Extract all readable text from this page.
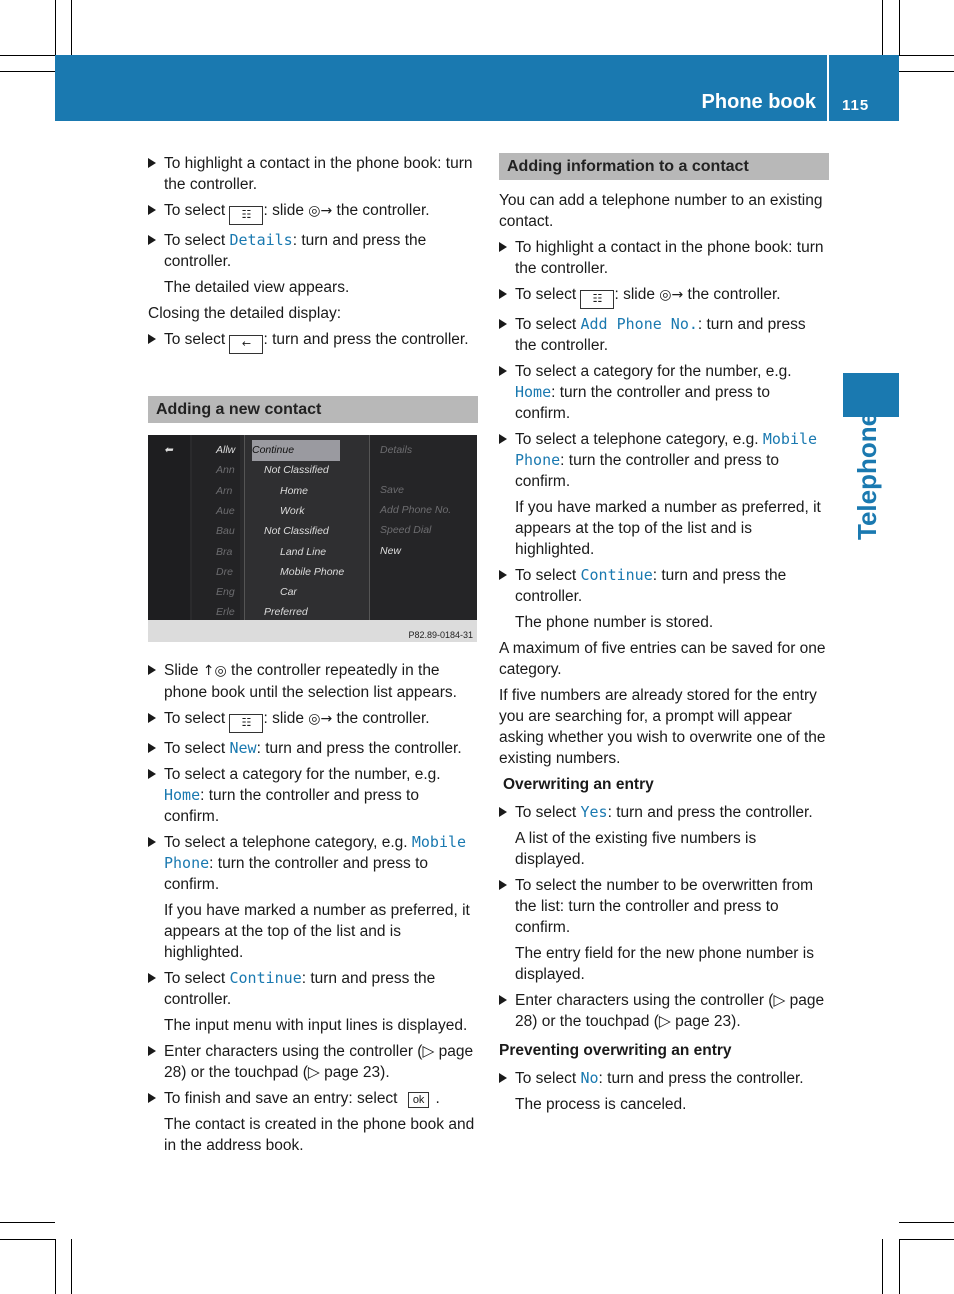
Phone book 115
Telephone
To highlight a contact in the phone book: turn the controller.
To select ☷ : slide ◎→ the controller.
To select Details: turn and press the controller.
The detailed view appears.
Closing the detailed display:
To select ← : turn and press the controller.
Adding a new contact
⬅	Allw
Ann
Arn
Aue
Bau
Bra
Dre
Eng
Erle
Continue
Not Classified
Home
Work
Not Classified
Land Line
Mobile Phone
Car
Preferred
Details
Save
Add Phone No.
Speed Dial
New
P82.89-0184-31
Slide ↑◎ the controller repeatedly in the phone book until the selection list appears.
To select ☷ : slide ◎→ the controller.
To select New: turn and press the controller.
To select a category for the number, e.g. Home: turn the controller and press to confirm.
To select a telephone category, e.g. Mobile Phone: turn the controller and press to confirm.
If you have marked a number as preferred, it appears at the top of the list and is highlighted.
To select Continue: turn and press the controller.
The input menu with input lines is displayed.
Enter characters using the controller (▷ page 28) or the touchpad (▷ page 23).
To finish and save an entry: select ok .
The contact is created in the phone book and in the address book.
Adding information to a contact
You can add a telephone number to an existing contact.
To highlight a contact in the phone book: turn the controller.
To select ☷ : slide ◎→ the controller.
To select Add Phone No.: turn and press the controller.
To select a category for the number, e.g. Home: turn the controller and press to confirm.
To select a telephone category, e.g. Mobile Phone: turn the controller and press to confirm.
If you have marked a number as preferred, it appears at the top of the list and is highlighted.
To select Continue: turn and press the controller.
The phone number is stored.
A maximum of five entries can be saved for one category.
If five numbers are already stored for the entry you are searching for, a prompt will appear asking whether you wish to overwrite one of the existing numbers.
Overwriting an entry
To select Yes: turn and press the controller.
A list of the existing five numbers is displayed.
To select the number to be overwritten from the list: turn the controller and press to confirm.
The entry field for the new phone number is displayed.
Enter characters using the controller (▷ page 28) or the touchpad (▷ page 23).
Preventing overwriting an entry
To select No: turn and press the controller.
The process is canceled.
